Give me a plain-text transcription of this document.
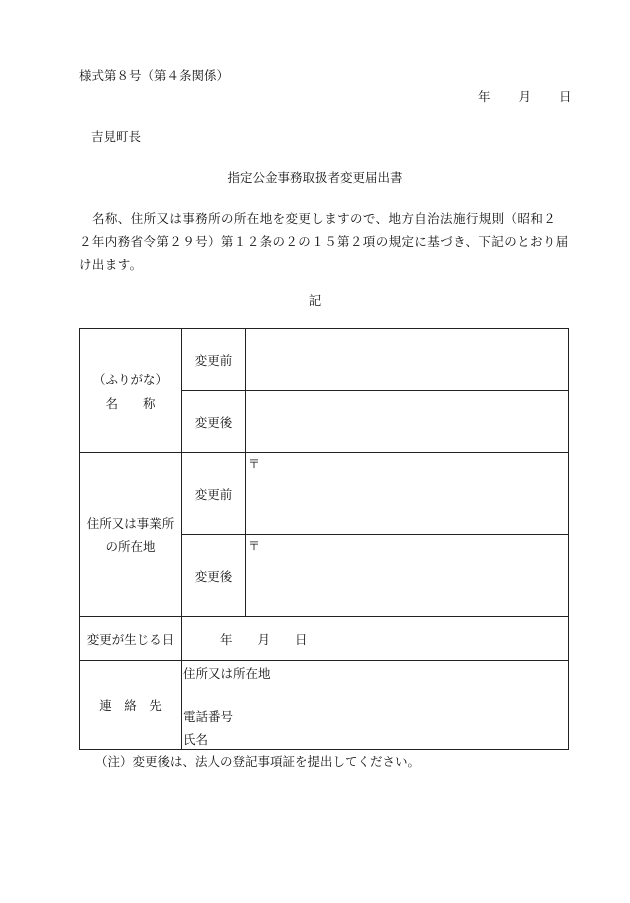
様式第８号（第４条関係）
年 月 日
吉見町長
指定公金事務取扱者変更届出書
名称、住所又は事務所の所在地を変更しますので、地方自治法施行規則（昭和２２年内務省令第２９号）第１２条の２の１５第２項の規定に基づき、下記のとおり届け出ます。
記
（ふりがな）
名　　称	変更前	
	変更後	

住所又は事業所
の所在地	変更前	〒

	変更後	〒

変更が生じる日	年　　月　　日	
連　絡　先	住所又は所在地
電話番号
氏名	
（注）変更後は、法人の登記事項証を提出してください。
